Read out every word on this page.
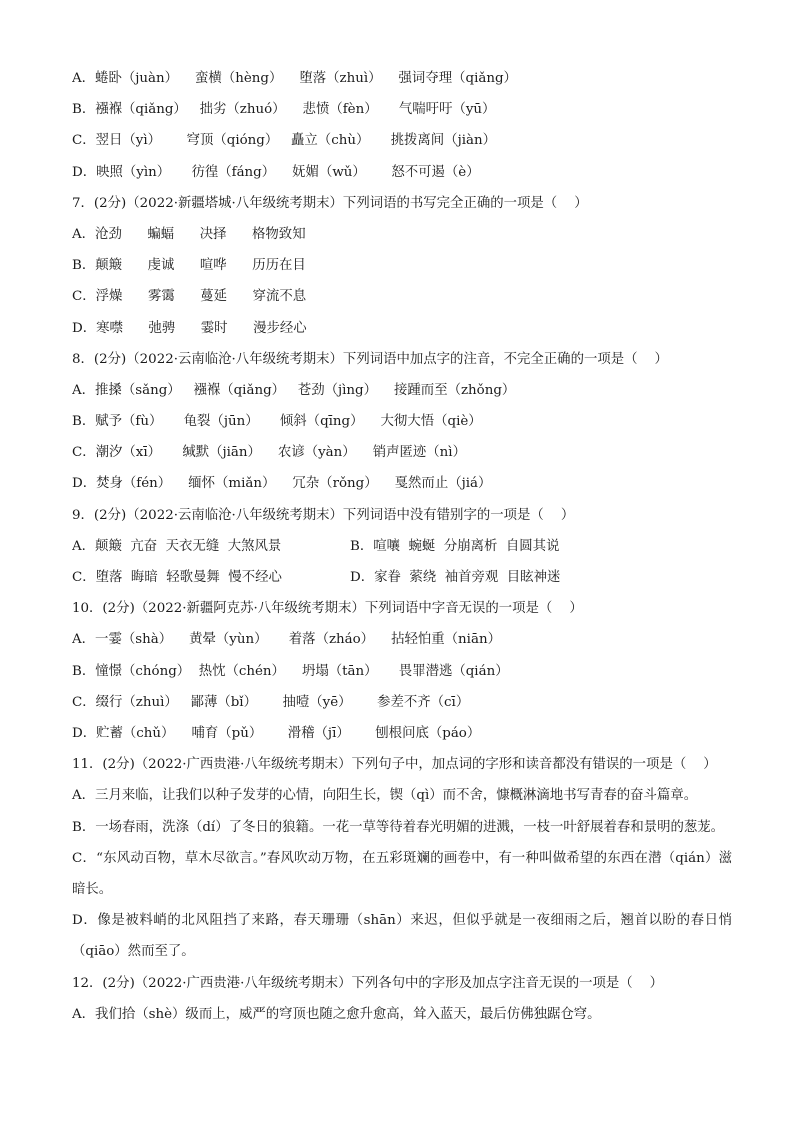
A．蜷卧（juàn）    蛮横（hèng）    堕落（zhuì）    强词夺理（qiǎng）
B．襁褓（qiǎng）   拙劣（zhuó）    悲愤（fèn）     气喘吁吁（yū）
C．翌日（yì）      穹顶（qióng）   矗立（chù）     挑拨离间（jiàn）
D．映照（yìn）     彷徨（fáng）    妩媚（wǔ）      怒不可遏（è）
7．(2分)（2022·新疆塔城·八年级统考期末）下列词语的书写完全正确的一项是（    ）
A．沧劲      蝙蝠      决择      格物致知
B．颠簸      虔诚      喧哗      历历在目
C．浮燥      雾霭      蔓延      穿流不息
D．寒噤      弛骋      霎时      漫步经心
8．(2分)（2022·云南临沧·八年级统考期末）下列词语中加点字的注音，不完全正确的一项是（    ）
A．推搡（sǎng）   襁褓（qiǎng）   苍劲（jìng）    接踵而至（zhǒng）
B．赋予（fù）     龟裂（jūn）     倾斜（qīng）    大彻大悟（qiè）
C．潮汐（xī）     缄默（jiān）    农谚（yàn）    销声匿迹（nì）
D．焚身（fén）    缅怀（miǎn）    冗杂（rǒng）    戛然而止（jiá）
9．(2分)（2022·云南临沧·八年级统考期末）下列词语中没有错别字的一项是（    ）
A．颠簸  亢奋  天衣无缝  大煞风景	B．喧嚷  蜿蜒  分崩离析  自圆其说
C．堕落  晦暗  轻歌曼舞  慢不经心	D．家眷  萦绕  袖首旁观  目眩神迷
10．(2分)（2022·新疆阿克苏·八年级统考期末）下列词语中字音无误的一项是（    ）
A．一霎（shà）    黄晕（yùn）     着落（zháo）    拈轻怕重（niān）
B．憧憬（chóng）  热忱（chén）    坍塌（tān）     畏罪潜逃（qián）
C．缀行（zhuì）   鄙薄（bǐ）      抽噎（yē）      参差不齐（cī）
D．贮蓄（chǔ）    哺育（pǔ）      滑稽（jī）      刨根问底（páo）
11．(2分)（2022·广西贵港·八年级统考期末）下列句子中，加点词的字形和读音都没有错误的一项是（    ）
A．三月来临，让我们以种子发芽的心情，向阳生长，锲（qì）而不舍，慷概淋滴地书写青春的奋斗篇章。
B．一场春雨，洗涤（dí）了冬日的狼籍。一花一草等待着春光明媚的进溅，一枝一叶舒展着春和景明的葱茏。
C．“东风动百物，草木尽欲言。”春风吹动万物，在五彩斑斓的画卷中，有一种叫做希望的东西在潜（qián）滋暗长。
D．像是被料峭的北风阻挡了来路，春天珊珊（shān）来迟，但似乎就是一夜细雨之后，翘首以盼的春日悄（qiāo）然而至了。
12．(2分)（2022·广西贵港·八年级统考期末）下列各句中的字形及加点字注音无误的一项是（    ）
A．我们拾（shè）级而上，威严的穹顶也随之愈升愈高，耸入蓝天，最后仿佛独踞仓穹。
